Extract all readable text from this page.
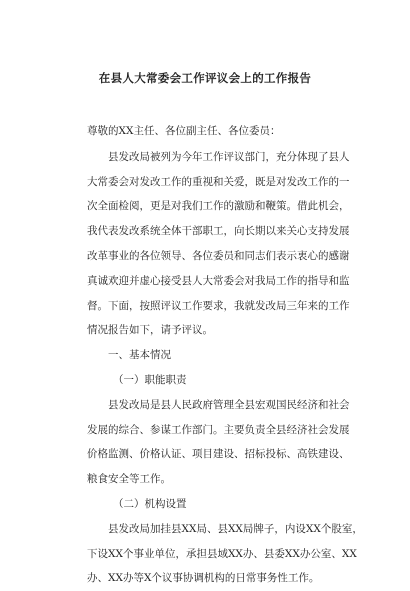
在县人大常委会工作评议会上的工作报告

尊敬的XX主任、各位副主任、各位委员：

县发改局被列为今年工作评议部门，充分体现了县人

大常委会对发改工作的重视和关爱，既是对发改工作的一

次全面检阅，更是对我们工作的激励和鞭策。借此机会，

我代表发改系统全体干部职工，向长期以来关心支持发展

改革事业的各位领导、各位委员和同志们表示衷心的感谢

真诚欢迎并虚心接受县人大常委会对我局工作的指导和监

督。下面，按照评议工作要求，我就发改局三年来的工作

情况报告如下，请予评议。

一、基本情况

（一）职能职责

县发改局是县人民政府管理全县宏观国民经济和社会

发展的综合、参谋工作部门。主要负责全县经济社会发展

价格监测、价格认证、项目建设、招标投标、高铁建设、

粮食安全等工作。

（二）机构设置

县发改局加挂县XX局、县XX局牌子，内设XX个股室，

下设XX个事业单位，承担县域XX办、县委XX办公室、XX

办、XX办等X个议事协调机构的日常事务性工作。
